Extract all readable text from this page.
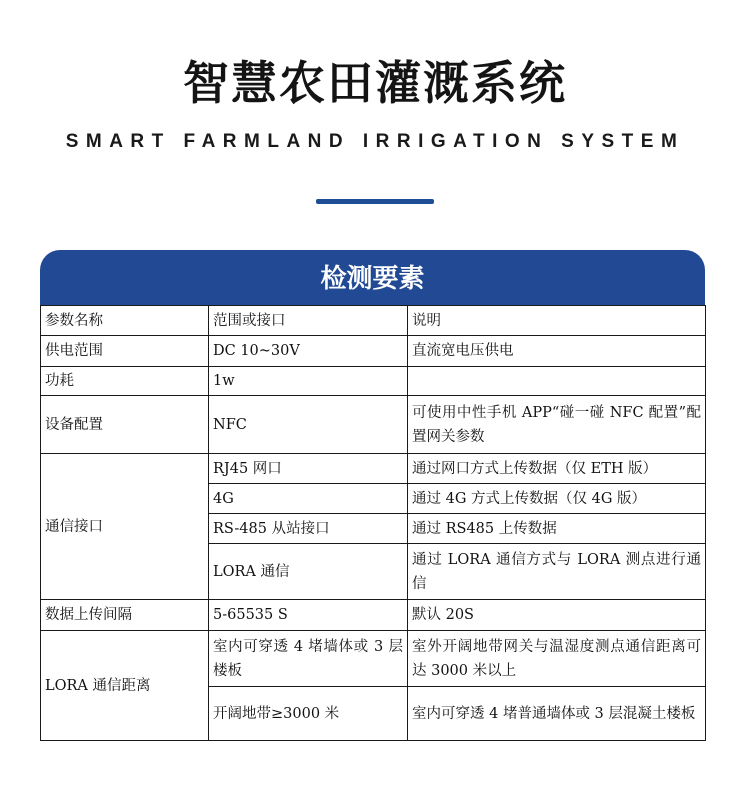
智慧农田灌溉系统
SMART FARMLAND IRRIGATION SYSTEM
检测要素
参数名称	范围或接口	说明
供电范围	DC 10~30V	直流宽电压供电
功耗	1w	
设备配置	NFC	可使用中性手机 APP“碰一碰 NFC 配置”配置网关参数
通信接口	RJ45 网口	通过网口方式上传数据（仅 ETH 版）
	4G	通过 4G 方式上传数据（仅 4G 版）
	RS-485 从站接口	通过 RS485 上传数据
	LORA 通信	通过 LORA 通信方式与 LORA 测点进行通信
数据上传间隔	5-65535 S	默认 20S
LORA 通信距离	室内可穿透 4 堵墙体或 3 层楼板	室外开阔地带网关与温湿度测点通信距离可达 3000 米以上
	开阔地带≥3000 米	室内可穿透 4 堵普通墙体或 3 层混凝土楼板
